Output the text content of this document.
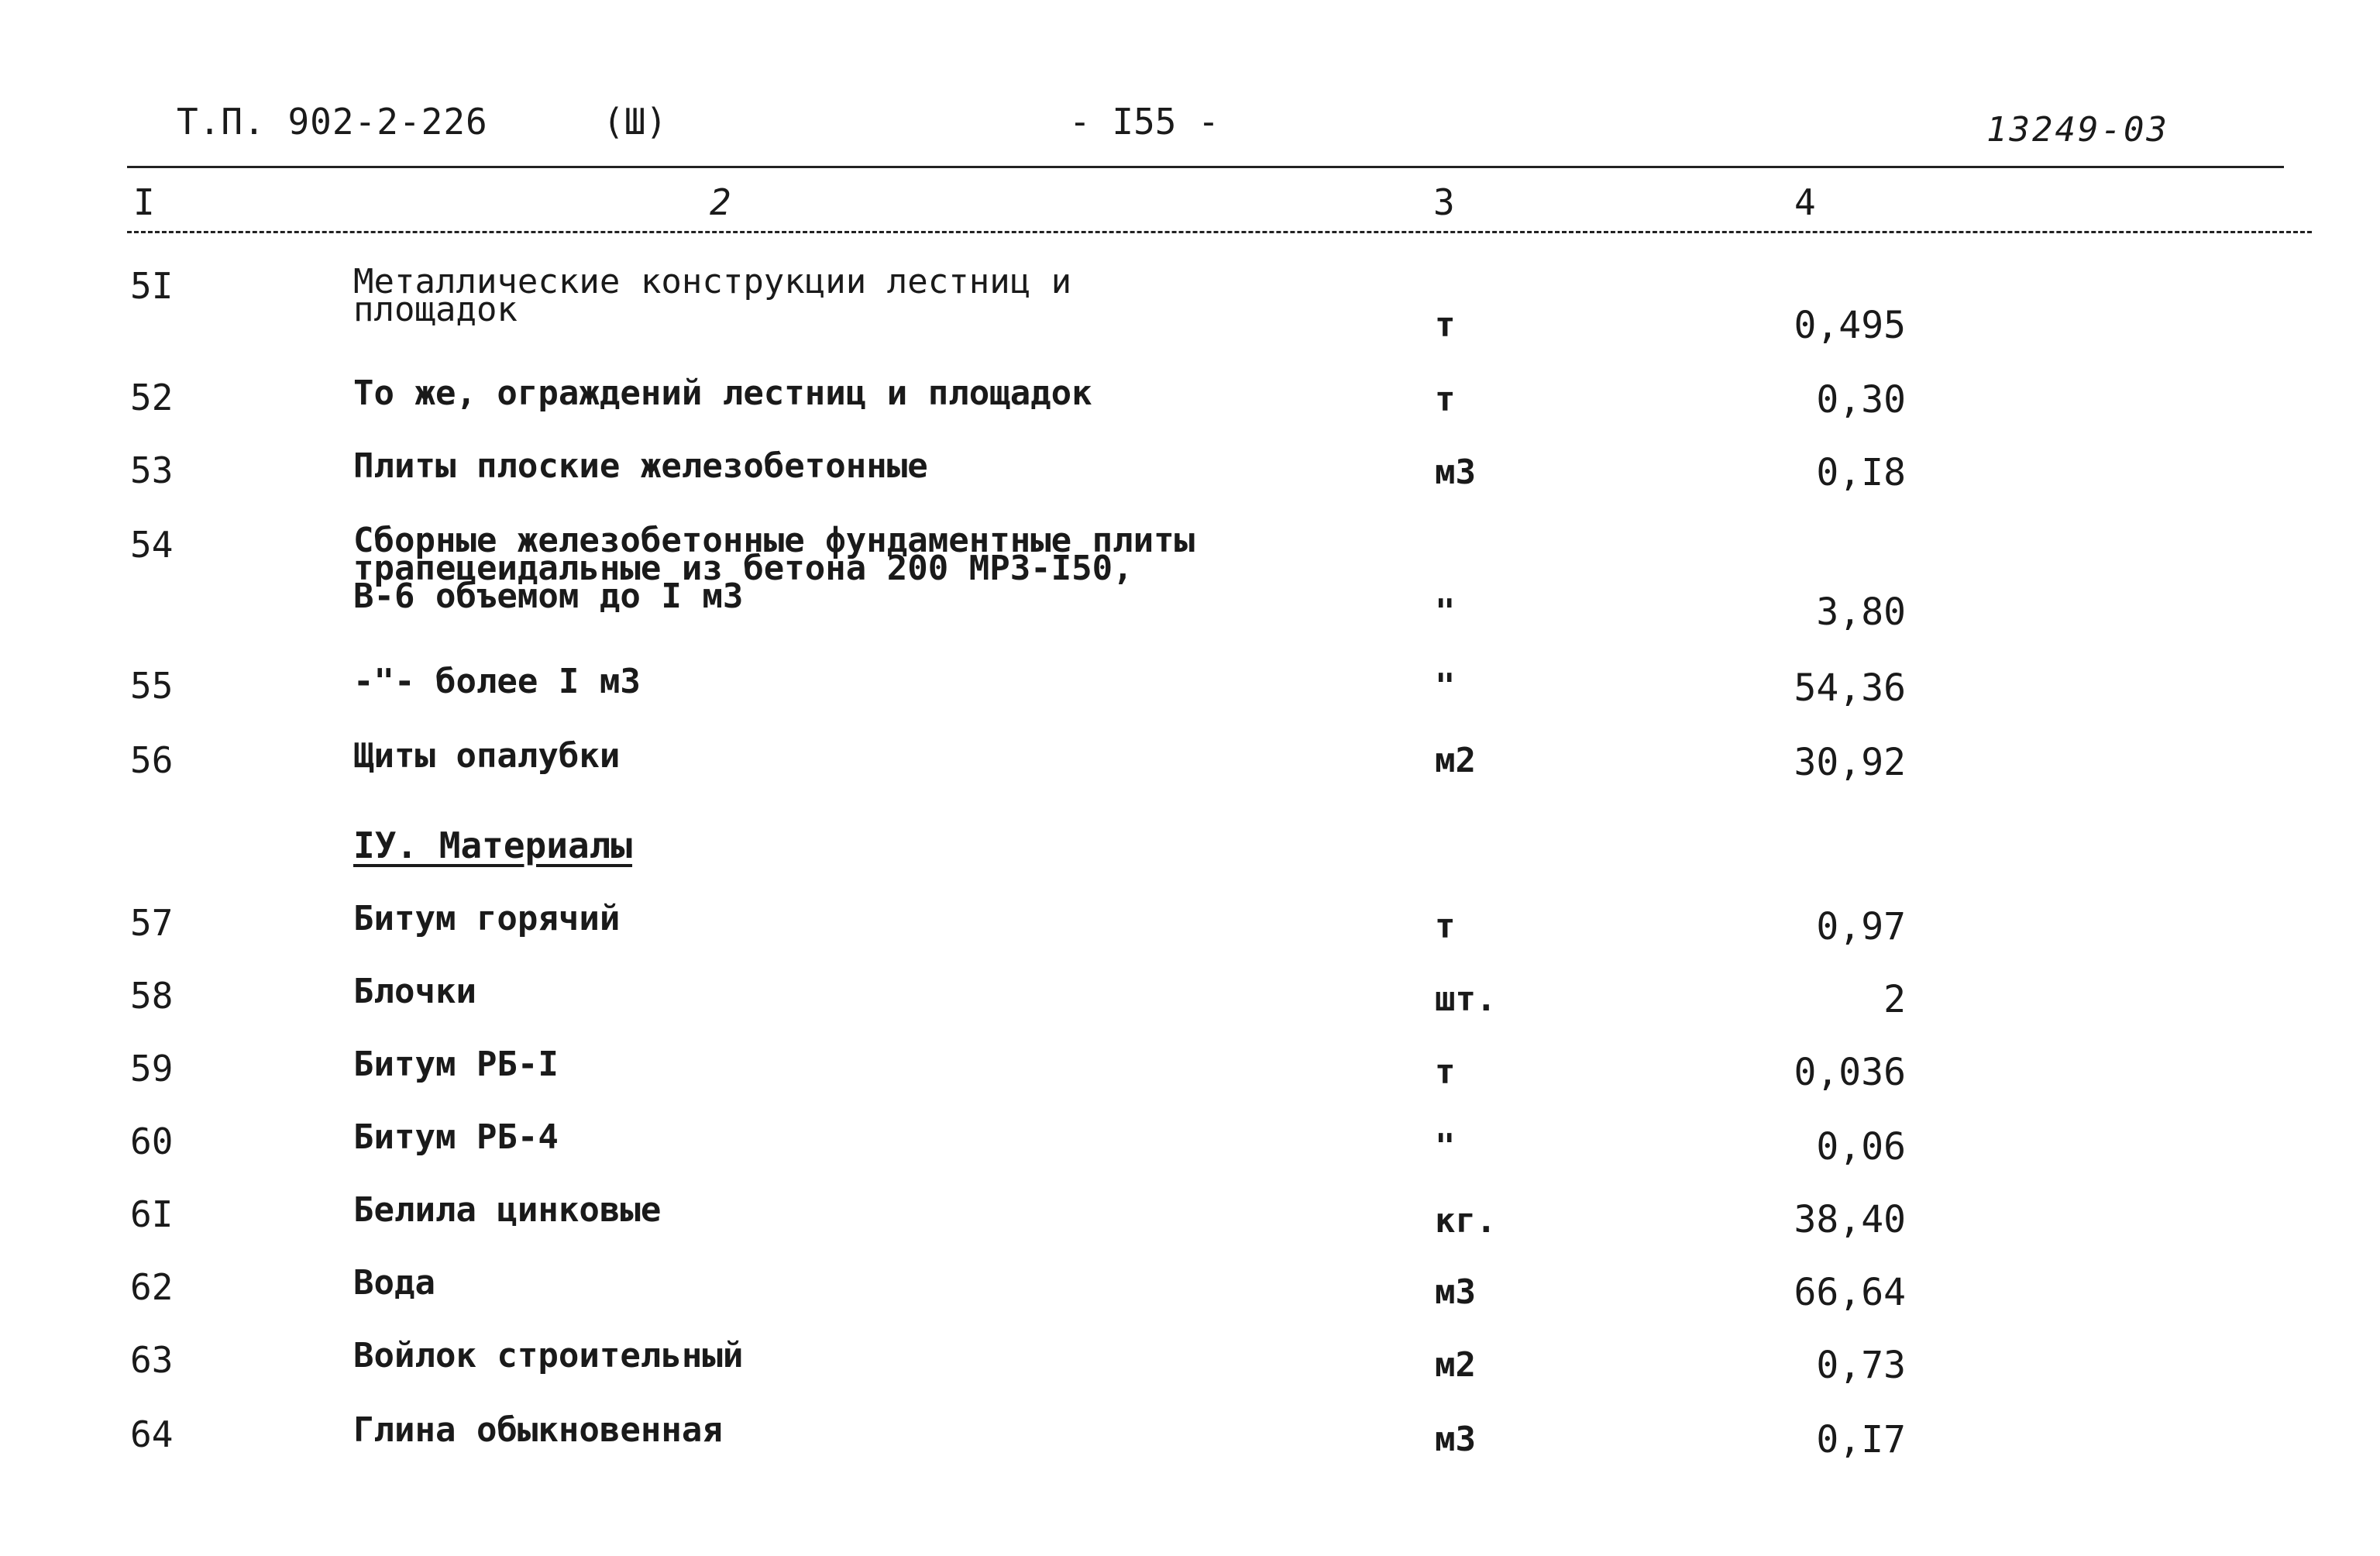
Т.П. 902-2-226	(Ш)	- I55 -	13249-03
I	2	3	4
5I	Металлические конструкции лестниц и
площадок	т	0,495
52	То же, ограждений лестниц и площадок	т	0,30
53	Плиты плоские железобетонные	м3	0,I8
54	Сборные железобетонные фундаментные плиты
трапецеидальные из бетона 200 МРЗ-I50,
В-6 объемом до I м3	"	3,80
55	-"- более I м3	"	54,36
56	Щиты опалубки	м2	30,92
IУ. Материалы
57	Битум горячий	т	0,97
58	Блочки	шт.	2
59	Битум РБ-I	т	0,036
60	Битум РБ-4	"	0,06
6I	Белила цинковые	кг.	38,40
62	Вода	м3	66,64
63	Войлок строительный	м2	0,73
64	Глина обыкновенная	м3	0,I7
